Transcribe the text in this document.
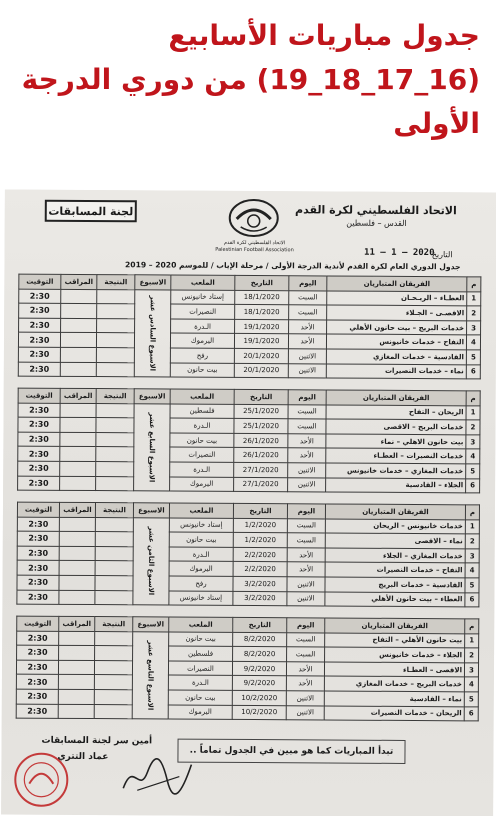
جدول مباريات الأسابيع
(16_17_18_19) من دوري الدرجة
الأولى
الاتحاد الفلسطيني لكرة القدم
القدس – فلسطين
التاريخ
2020 – 1 – 11
الاتحاد الفلسطيني لكرة القدم
Palestinian Football Association
لجنة المسابقات
جدول الدوري العام لكرة القدم لأندية الدرجة الأولى / مرحلة الإياب / للموسم 2020 – 2019
م	الفريقان المتباريان	اليوم	التاريخ	الملعب	الاسبوع	النتيجة	المراقب	التوقيت
1	العطـاء – الريـحـان	السبت	18/1/2020	إستاد خانيونس	الاسبوع السادس عشر			2:30
2	الاقصـى – الجـلاء	السبت	18/1/2020	النصيرات				2:30
3	خدمات البريج – بيت حانون الأهلي	الأحد	19/1/2020	الـدرة				2:30
4	التفاح – خدمات خانيونس	الأحد	19/1/2020	اليرموك				2:30
5	القادسية – خدمات المغازي	الاثنين	20/1/2020	رفح				2:30
6	نماء – خدمات النصيرات	الاثنين	20/1/2020	بيت حانون				2:30
م	الفريقان المتباريان	اليوم	التاريخ	الملعب	الاسبوع	النتيجة	المراقب	التوقيت
1	الريحان – التفاح	السبت	25/1/2020	فلسطين	الاسبوع السابع عشر			2:30
2	خدمات البريج – الاقصى	السبت	25/1/2020	الـدرة				2:30
3	بيت حانون الاهلي – نماء	الأحد	26/1/2020	بيت حانون				2:30
4	خدمات النصيرات – العطـاء	الأحد	26/1/2020	النصيرات				2:30
5	خدمات المغازي – خدمات خانيونس	الاثنين	27/1/2020	الـدرة				2:30
6	الجلاء – القادسية	الاثنين	27/1/2020	اليرموك				2:30
م	الفريقان المتباريان	اليوم	التاريخ	الملعب	الاسبوع	النتيجة	المراقب	التوقيت
1	خدمات خانيونس – الريحان	السبت	1/2/2020	إستاد خانيونس	الاسبوع الثامن عشر			2:30
2	نماء – الاقصى	السبت	1/2/2020	بيت حانون				2:30
3	خدمات المغازي – الجلاء	الأحد	2/2/2020	الـدرة				2:30
4	التفاح – خدمات النصيرات	الأحد	2/2/2020	اليرموك				2:30
5	القادسية – خدمات البريج	الاثنين	3/2/2020	رفح				2:30
6	العطاء – بيت حانون الأهلي	الاثنين	3/2/2020	إستاد خانيونس				2:30
م	الفريقان المتباريان	اليوم	التاريخ	الملعب	الاسبوع	النتيجة	المراقب	التوقيت
1	بيت حانون الأهلي – التفاح	السبت	8/2/2020	بيت حانون	الاسبوع التاسع عشر			2:30
2	الجلاء – خدمات خانيونس	السبت	8/2/2020	فلسطين				2:30
3	الاقصى – العطـاء	الأحد	9/2/2020	النصيرات				2:30
4	خدمات البريج – خدمات المغازي	الأحد	9/2/2020	الـدرة				2:30
5	نماء – القادسية	الاثنين	10/2/2020	بيت حانون				2:30
6	الريحان – خدمات النصيرات	الاثنين	10/2/2020	اليرموك				2:30
تبدأ المباريات كما هو مبين في الجدول تماماً ..
أمين سر لجنة المسابقات
عماد التتري
